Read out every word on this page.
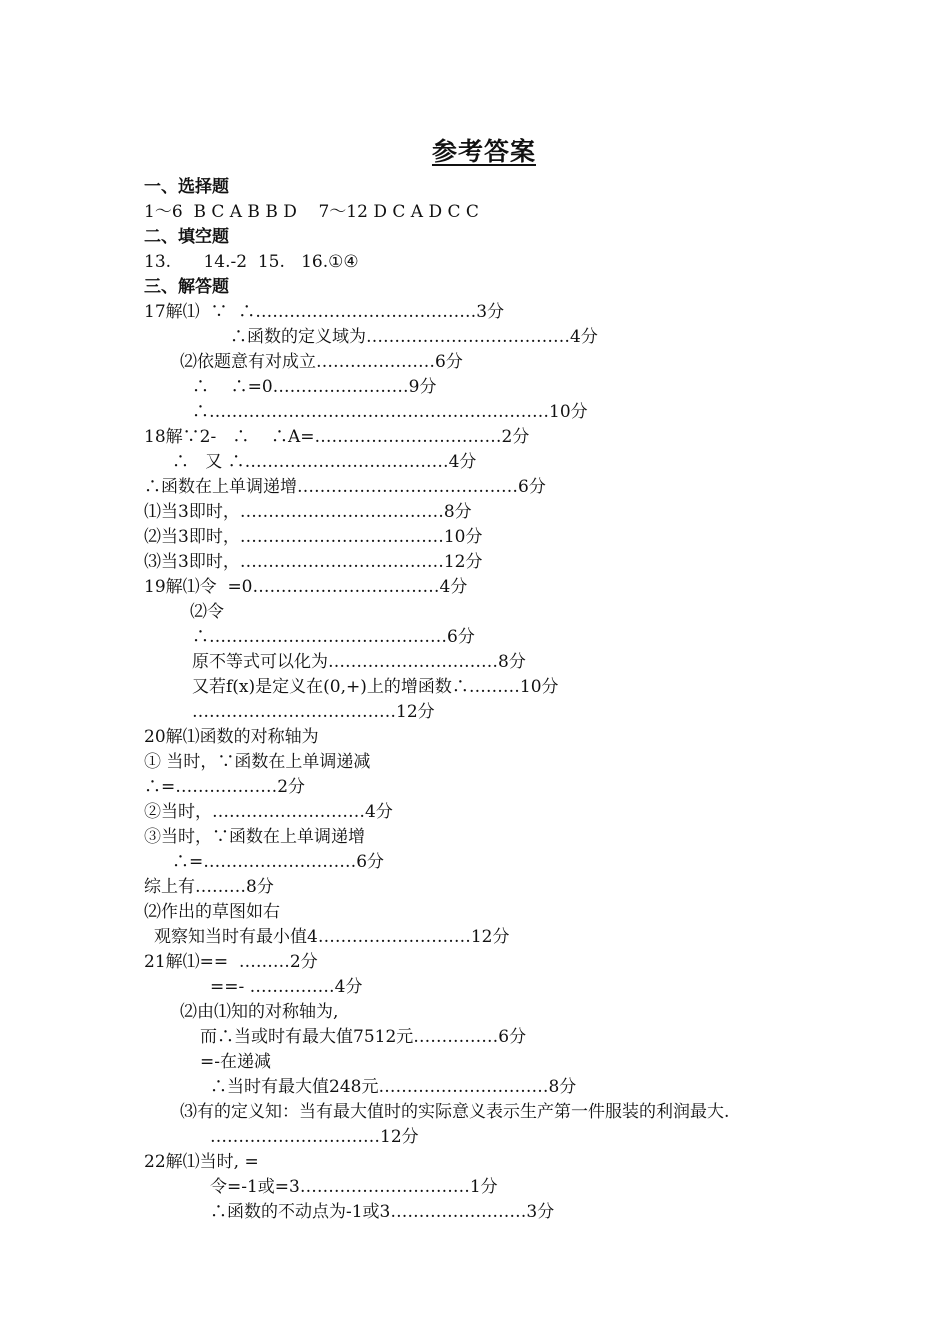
参考答案
一、选择题
1～6  B C A B B D    7～12 D C A D C C
二、填空题
13.      14.-2  15.   16.①④
三、解答题
17解⑴  ∵  ∴…………………………………3分
∴函数的定义域为………………………………4分
⑵依题意有对成立…………………6分
∴    ∴=0……………………9分
∴……………………………………………………10分
18解∵2-   ∴    ∴A=……………………………2分
∴   又 ∴………………………………4分
∴函数在上单调递增…………………………………6分
⑴当3即时，………………………………8分
⑵当3即时，………………………………10分
⑶当3即时，………………………………12分
19解⑴令  =0……………………………4分
⑵令
∴……………………………………6分
原不等式可以化为…………………………8分
又若f(x)是定义在(0,+)上的增函数∴………10分
………………………………12分
20解⑴函数的对称轴为
① 当时，∵函数在上单调递减
∴=………………2分
②当时，………………………4分
③当时，∵函数在上单调递增
∴=………………………6分
综上有………8分
⑵作出的草图如右
观察知当时有最小值4………………………12分
21解⑴==  ………2分
==- ……………4分
⑵由⑴知的对称轴为,
而∴当或时有最大值7512元……………6分
=-在递减
∴当时有最大值248元…………………………8分
⑶有的定义知：当有最大值时的实际意义表示生产第一件服装的利润最大.
…………………………12分
22解⑴当时, =
令=-1或=3…………………………1分
∴函数的不动点为-1或3……………………3分
